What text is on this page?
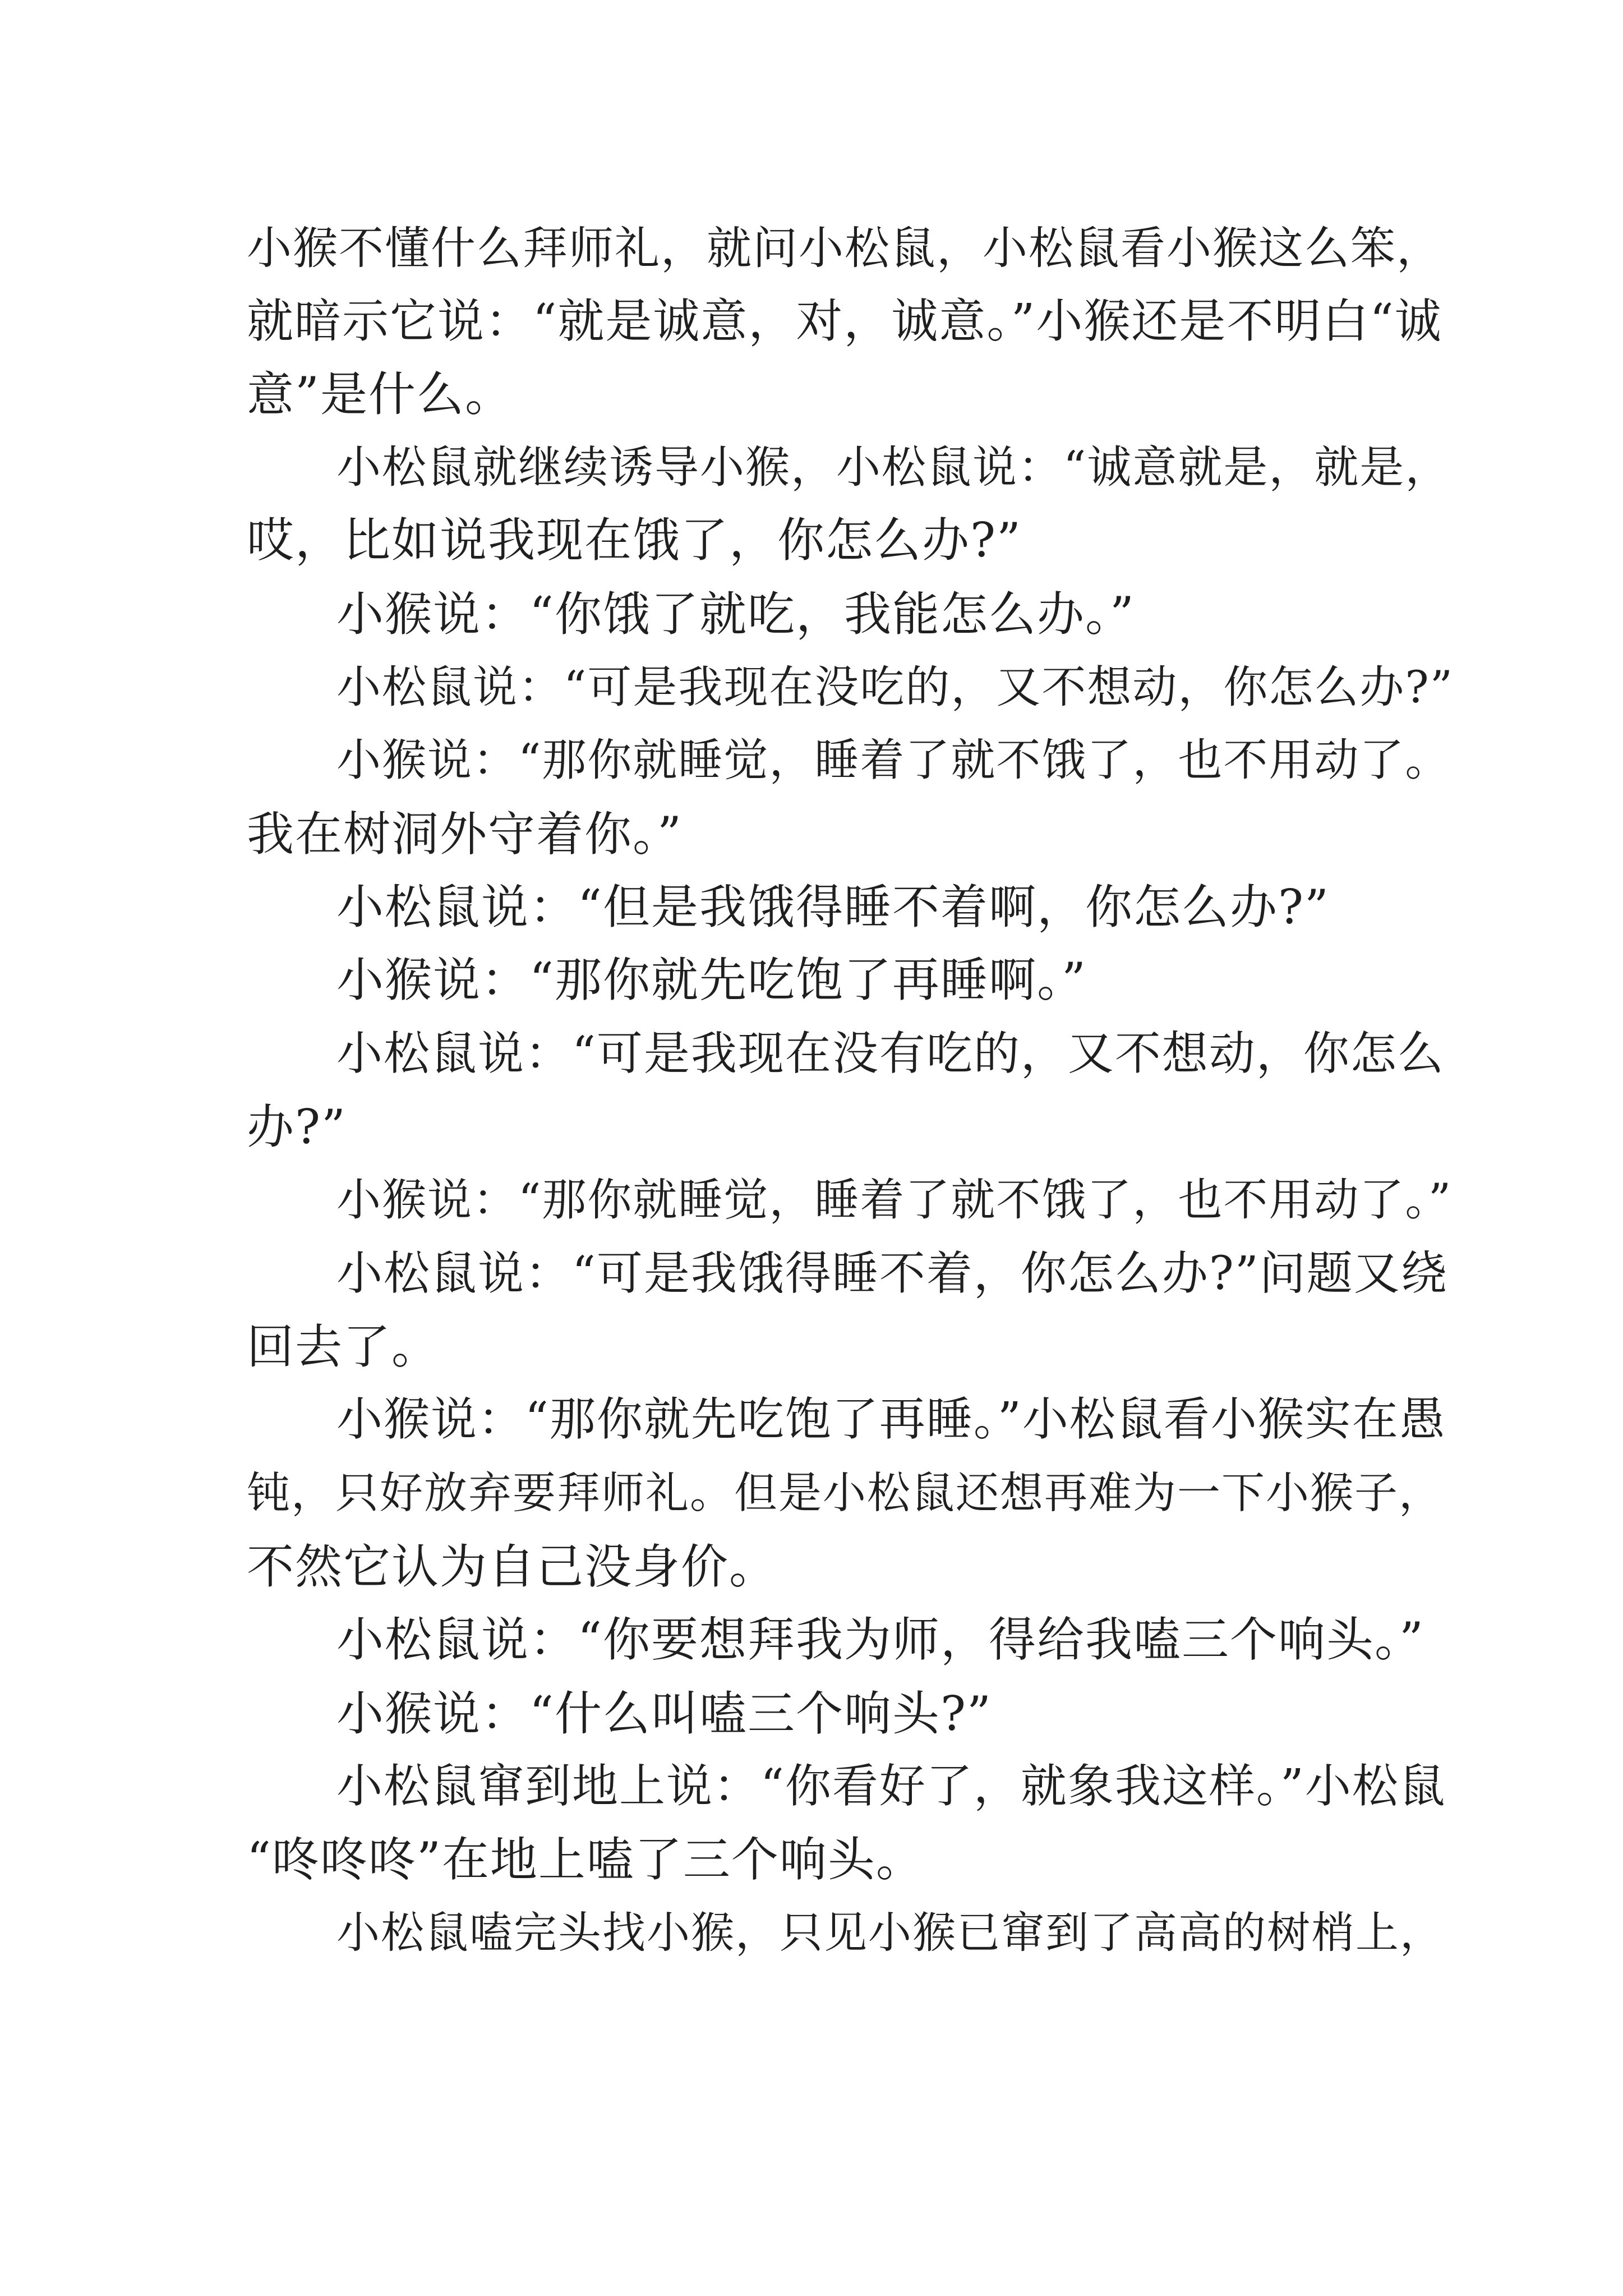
小猴不懂什么拜师礼，就问小松鼠，小松鼠看小猴这么笨，
就暗示它说：“就是诚意，对，诚意。”小猴还是不明白“诚
意”是什么。
小松鼠就继续诱导小猴，小松鼠说：“诚意就是，就是，
哎，比如说我现在饿了，你怎么办?”
小猴说：“你饿了就吃，我能怎么办。”
小松鼠说：“可是我现在没吃的，又不想动，你怎么办?”
小猴说：“那你就睡觉，睡着了就不饿了，也不用动了。
我在树洞外守着你。”
小松鼠说：“但是我饿得睡不着啊，你怎么办?”
小猴说：“那你就先吃饱了再睡啊。”
小松鼠说：“可是我现在没有吃的，又不想动，你怎么
办?”
小猴说：“那你就睡觉，睡着了就不饿了，也不用动了。”
小松鼠说：“可是我饿得睡不着，你怎么办?”问题又绕
回去了。
小猴说：“那你就先吃饱了再睡。”小松鼠看小猴实在愚
钝，只好放弃要拜师礼。但是小松鼠还想再难为一下小猴子，
不然它认为自己没身价。
小松鼠说：“你要想拜我为师，得给我嗑三个响头。”
小猴说：“什么叫嗑三个响头?”
小松鼠窜到地上说：“你看好了，就象我这样。”小松鼠
“咚咚咚”在地上嗑了三个响头。
小松鼠嗑完头找小猴，只见小猴已窜到了高高的树梢上，
